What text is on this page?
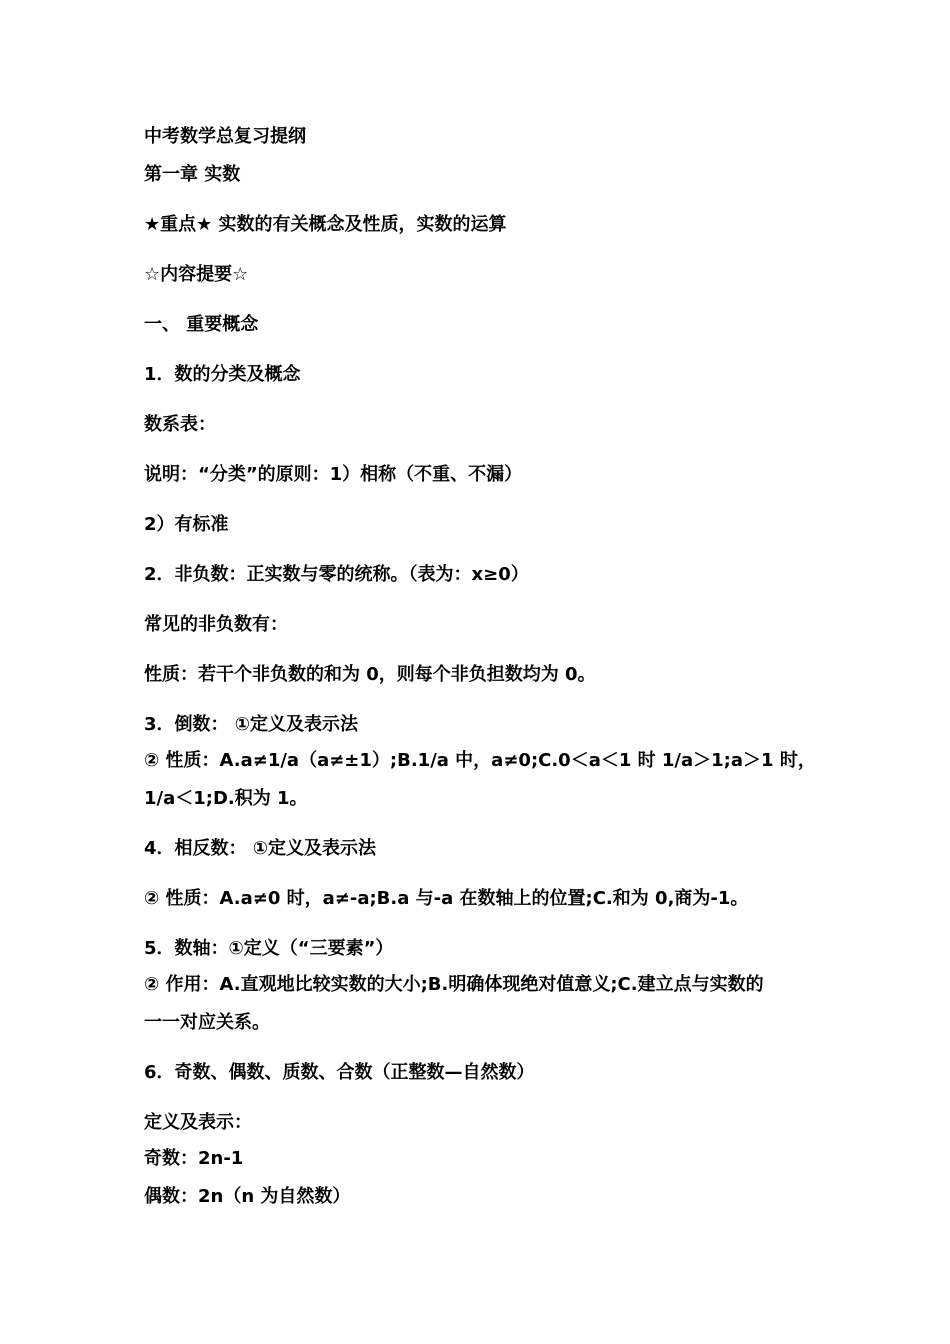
中考数学总复习提纲
第一章 实数
★重点★ 实数的有关概念及性质，实数的运算
☆内容提要☆
一、 重要概念
1．数的分类及概念
数系表：
说明：“分类”的原则：1）相称（不重、不漏）
2）有标准
2．非负数：正实数与零的统称。（表为：x≥0）
常见的非负数有：
性质：若干个非负数的和为 0，则每个非负担数均为 0。
3．倒数： ①定义及表示法
② 性质：A.a≠1/a（a≠±1）;B.1/a 中，a≠0;C.0＜a＜1 时 1/a＞1;a＞1 时，
1/a＜1;D.积为 1。
4．相反数： ①定义及表示法
② 性质：A.a≠0 时，a≠-a;B.a 与-a 在数轴上的位置;C.和为 0,商为-1。
5．数轴：①定义（“三要素”）
② 作用：A.直观地比较实数的大小;B.明确体现绝对值意义;C.建立点与实数的
一一对应关系。
6．奇数、偶数、质数、合数（正整数—自然数）
定义及表示：
奇数：2n-1
偶数：2n（n 为自然数）
